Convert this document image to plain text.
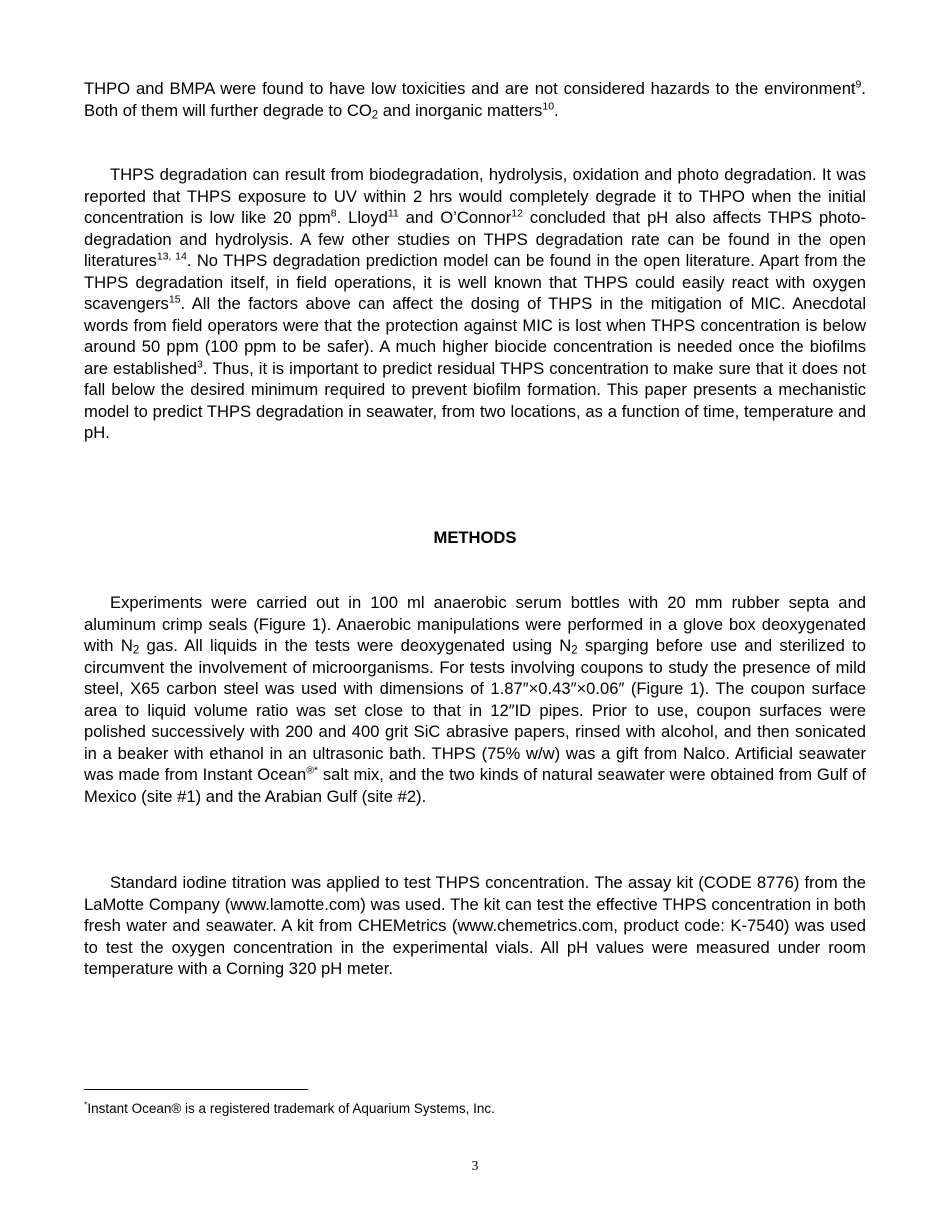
THPO and BMPA were found to have low toxicities and are not considered hazards to the environment$^9$. Both of them will further degrade to $CO_2$ and inorganic matters$^{10}$.

THPS degradation can result from biodegradation, hydrolysis, oxidation and photo degradation. It was reported that THPS exposure to UV within 2 hrs would completely degrade it to THPO when the initial concentration is low like 20 ppm$^8$. Lloyd$^{11}$ and O’Connor$^{12}$ concluded that pH also affects THPS photo-degradation and hydrolysis. A few other studies on THPS degradation rate can be found in the open literatures$^{13, 14}$. No THPS degradation prediction model can be found in the open literature. Apart from the THPS degradation itself, in field operations, it is well known that THPS could easily react with oxygen scavengers$^{15}$. All the factors above can affect the dosing of THPS in the mitigation of MIC. Anecdotal words from field operators were that the protection against MIC is lost when THPS concentration is below around 50 ppm (100 ppm to be safer). A much higher biocide concentration is needed once the biofilms are established$^3$. Thus, it is important to predict residual THPS concentration to make sure that it does not fall below the desired minimum required to prevent biofilm formation. This paper presents a mechanistic model to predict THPS degradation in seawater, from two locations, as a function of time, temperature and pH.

METHODS

Experiments were carried out in 100 ml anaerobic serum bottles with 20 mm rubber septa and aluminum crimp seals (Figure 1). Anaerobic manipulations were performed in a glove box deoxygenated with $N_2$ gas. All liquids in the tests were deoxygenated using $N_2$ sparging before use and sterilized to circumvent the involvement of microorganisms. For tests involving coupons to study the presence of mild steel, X65 carbon steel was used with dimensions of 1.87″×0.43″×0.06″ (Figure 1). The coupon surface area to liquid volume ratio was set close to that in 12″ID pipes. Prior to use, coupon surfaces were polished successively with 200 and 400 grit SiC abrasive papers, rinsed with alcohol, and then sonicated in a beaker with ethanol in an ultrasonic bath. THPS (75% w/w) was a gift from Nalco. Artificial seawater was made from Instant Ocean®* salt mix, and the two kinds of natural seawater were obtained from Gulf of Mexico (site #1) and the Arabian Gulf (site #2).

Standard iodine titration was applied to test THPS concentration. The assay kit (CODE 8776) from the LaMotte Company (www.lamotte.com) was used. The kit can test the effective THPS concentration in both fresh water and seawater. A kit from CHEMetrics (www.chemetrics.com, product code: K-7540) was used to test the oxygen concentration in the experimental vials. All pH values were measured under room temperature with a Corning 320 pH meter.

*Instant Ocean® is a registered trademark of Aquarium Systems, Inc.

3
